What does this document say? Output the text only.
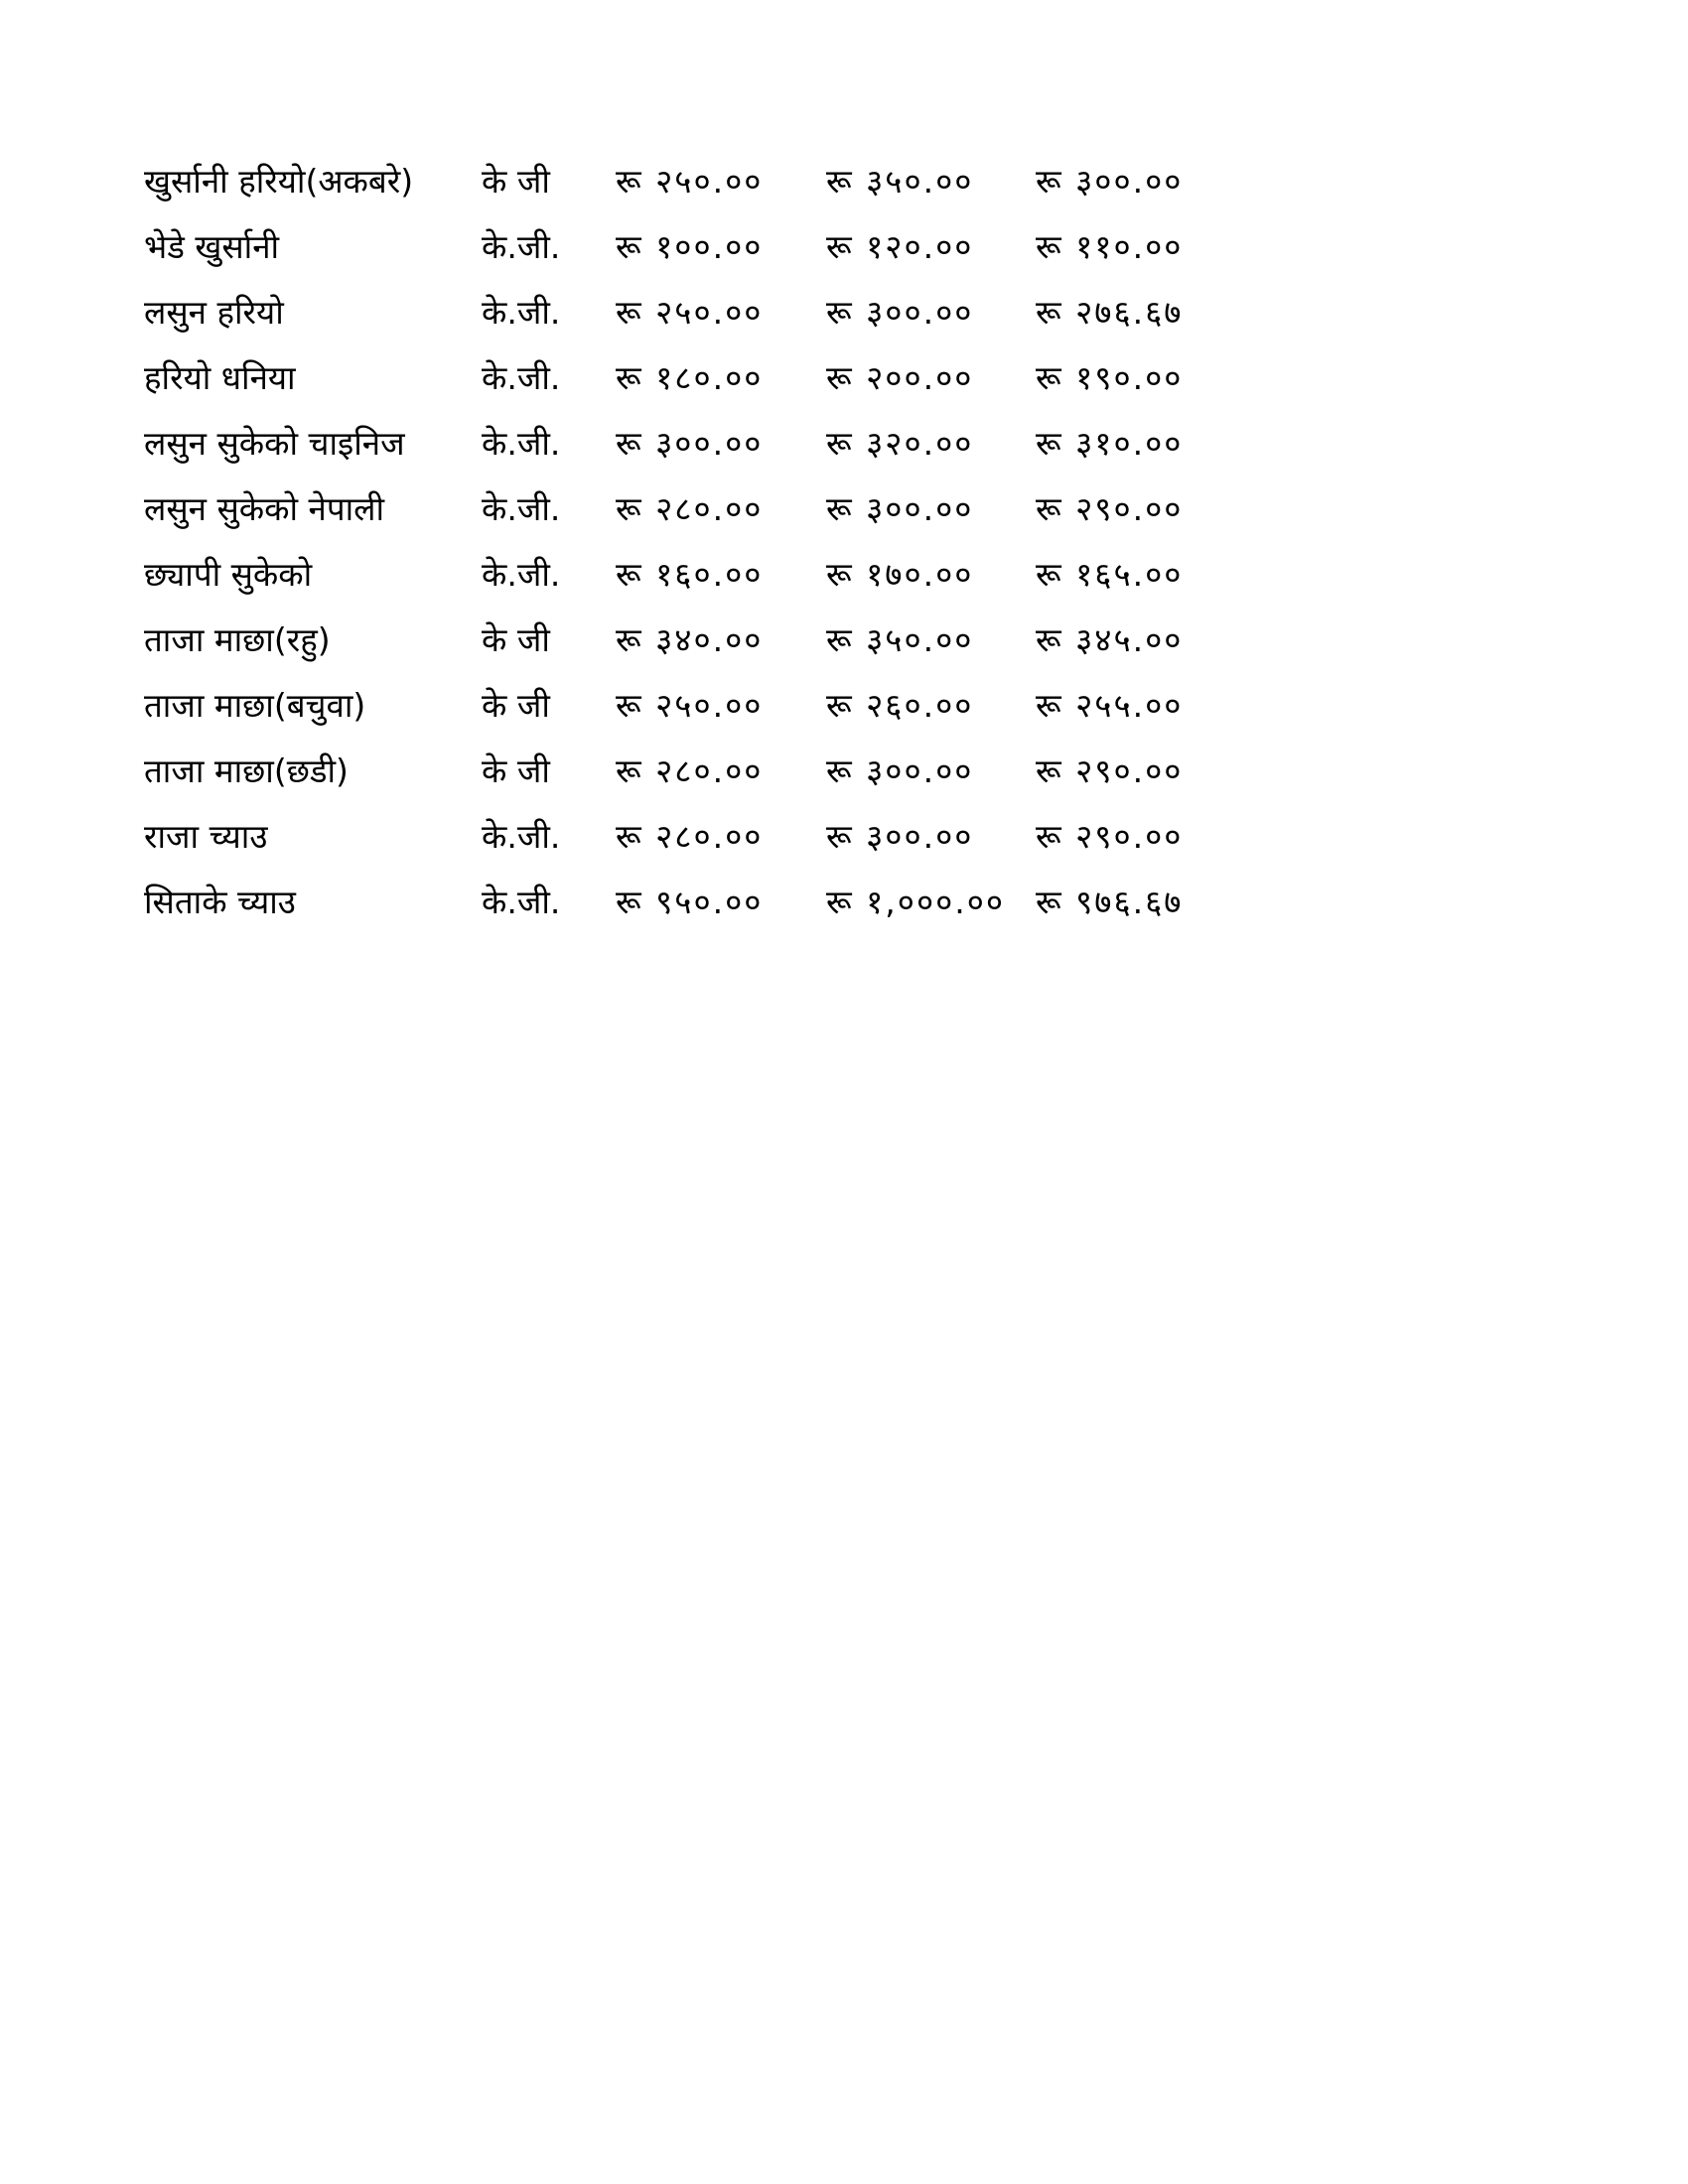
खुर्सानी हरियो(अकबरे) के जी रू २५०.०० रू ३५०.०० रू ३००.००
भेडे खुर्सानी	के.जी. रू १००.०० रू १२०.०० रू ११०.००
लसुन हरियो	के.जी. रू २५०.०० रू ३००.०० रू २७६.६७
हरियो धनिया	के.जी. रू १८०.०० रू २००.०० रू १९०.००
लसुन सुकेको चाइनिज के.जी. रू ३००.०० रू ३२०.०० रू ३१०.००
लसुन सुकेको नेपाली	के.जी. रू २८०.०० रू ३००.०० रू २९०.००
छ्यापी सुकेको	के.जी. रू १६०.०० रू १७०.०० रू १६५.००
ताजा माछा(रहु)	के जी रू ३४०.०० रू ३५०.०० रू ३४५.००
ताजा माछा(बचुवा)	के जी रू २५०.०० रू २६०.०० रू २५५.००
ताजा माछा(छडी)	के जी रू २८०.०० रू ३००.०० रू २९०.००
राजा च्याउ	के.जी. रू २८०.०० रू ३००.०० रू २९०.००
सिताके च्याउ	के.जी. रू ९५०.०० रू १,०००.०० रू ९७६.६७
